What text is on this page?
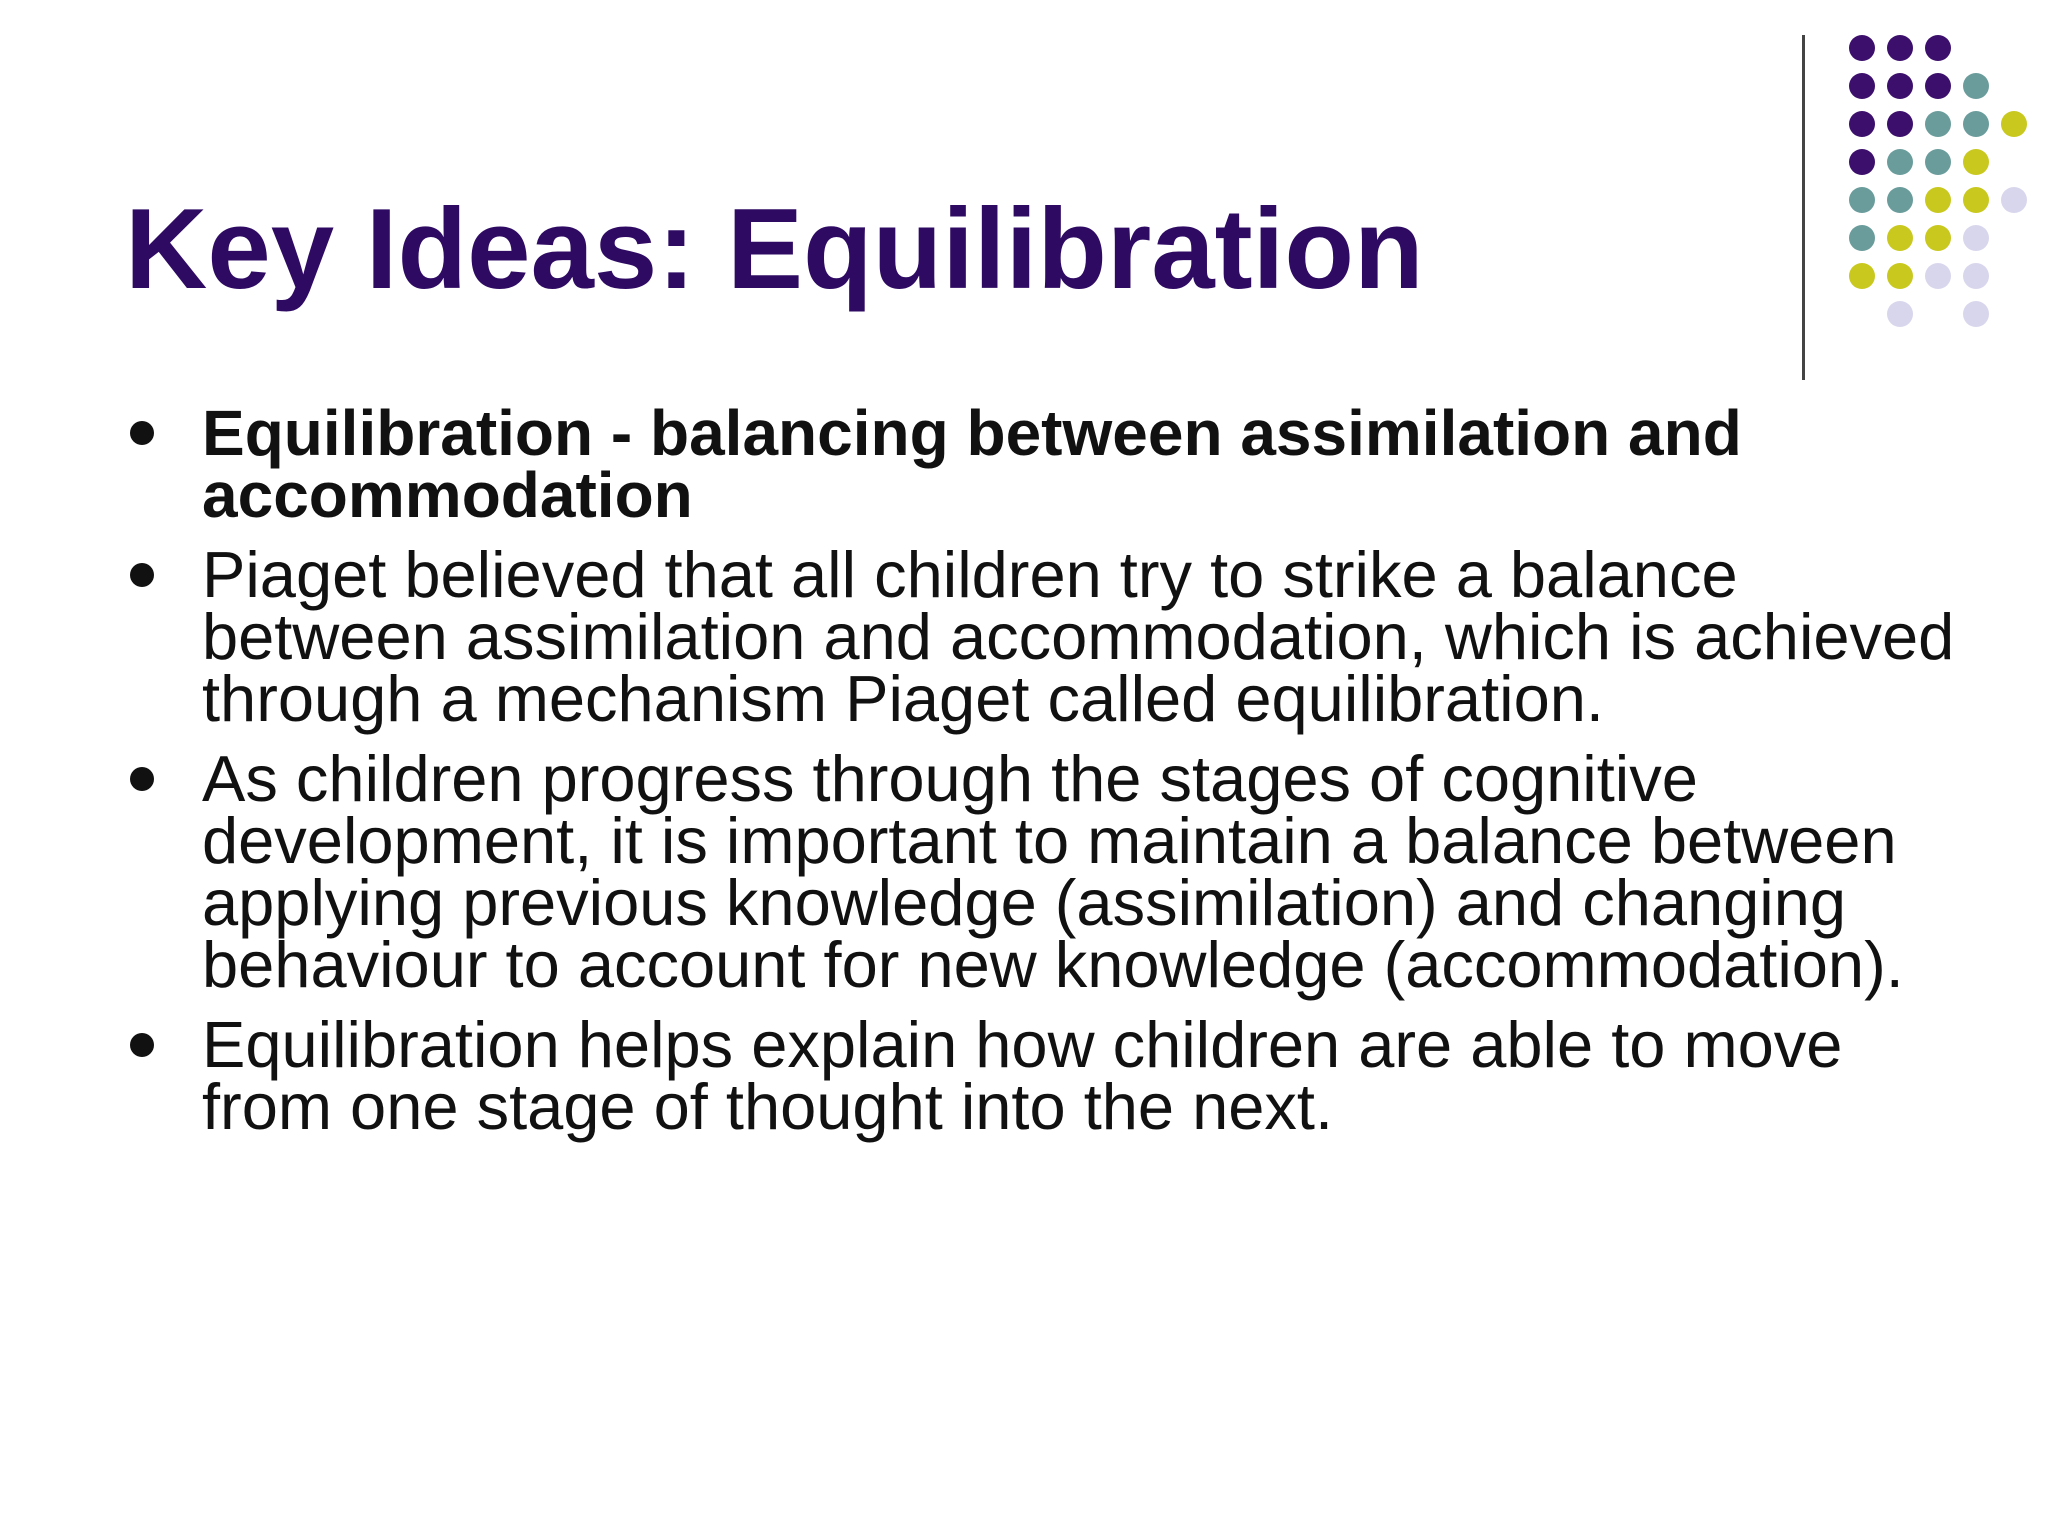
Key Ideas: Equilibration
Equilibration - balancing between assimilation and accommodation
Piaget believed that all children try to strike a balance between assimilation and accommodation, which is achieved through a mechanism Piaget called equilibration.
As children progress through the stages of cognitive development, it is important to maintain a balance between applying previous knowledge (assimilation) and changing behaviour to account for new knowledge (accommodation).
Equilibration helps explain how children are able to move from one stage of thought into the next.
